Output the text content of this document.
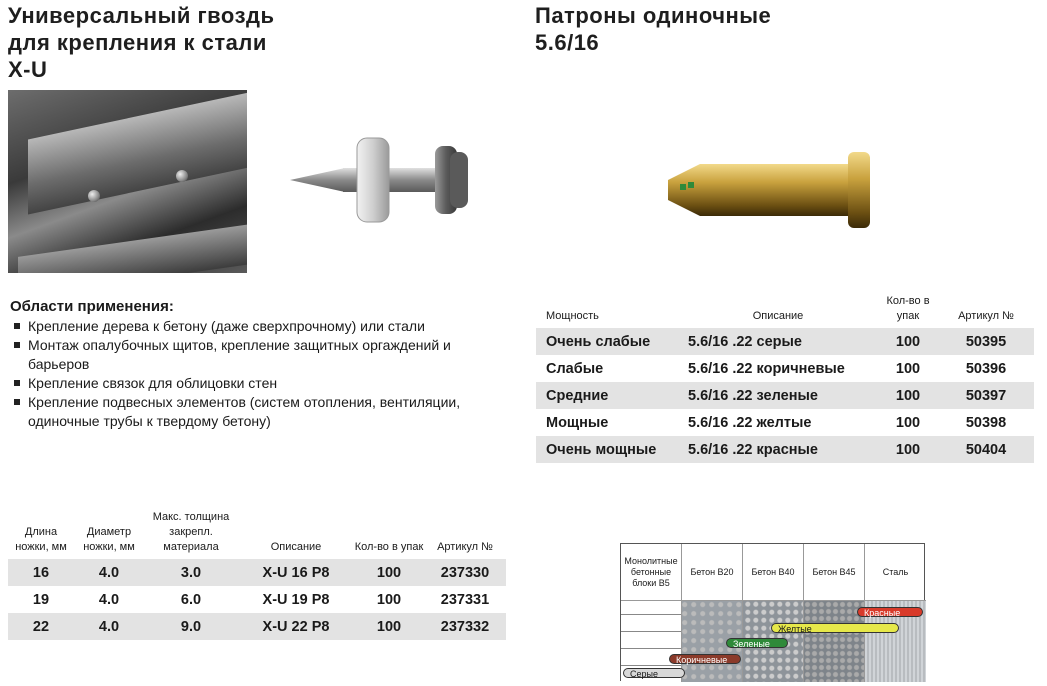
Универсальный гвоздь
для крепления к стали
X-U
Патроны одиночные
5.6/16
Области применения:
Крепление дерева к бетону (даже сверхпрочному) или стали
Монтаж опалубочных щитов, крепление защитных оргаждений и барьеров
Крепление связок для облицовки стен
Крепление подвесных элементов (систем отопления, вентиляции, одиночные трубы к твердому бетону)
Длина ножки, мм	Диаметр ножки, мм	Макс. толщина закрепл. материала	Описание	Кол-во в упак	Артикул №
16	4.0	3.0	X-U 16 P8	100	237330
19	4.0	6.0	X-U 19 P8	100	237331
22	4.0	9.0	X-U 22 P8	100	237332
Мощность	Описание	Кол-во в упак	Артикул №
Очень слабые	5.6/16 .22 серые	100	50395
Слабые	5.6/16 .22 коричневые	100	50396
Средние	5.6/16 .22 зеленые	100	50397
Мощные	5.6/16 .22 желтые	100	50398
Очень мощные	5.6/16 .22 красные	100	50404
Монолитные бетонные блоки B5
Бетон B20	Бетон B40	Бетон B45	Сталь
Красные
Желтые
Зеленые
Коричневые
Серые
